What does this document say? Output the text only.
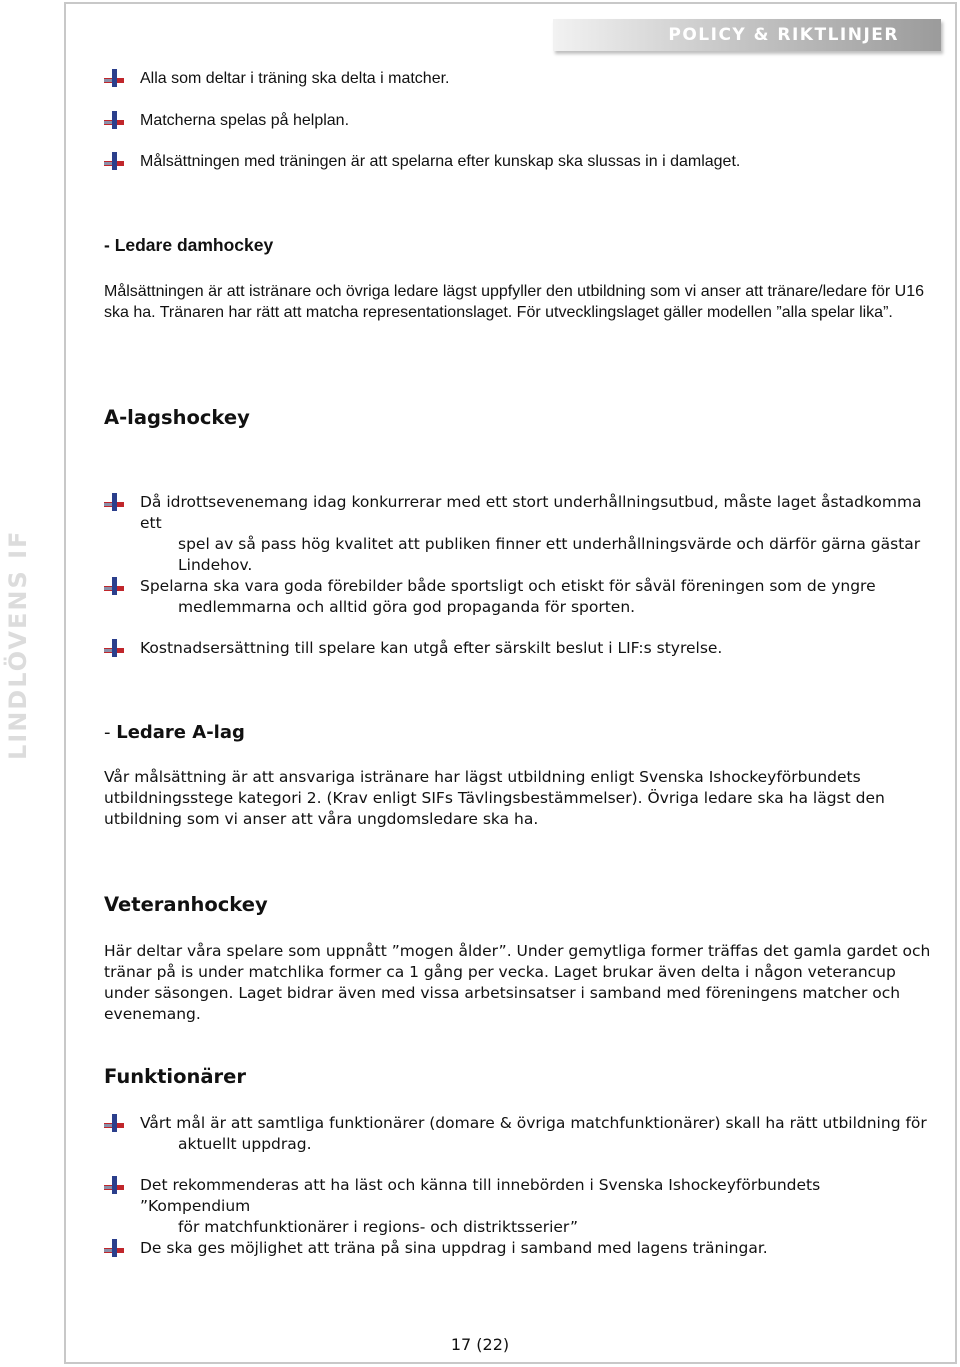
POLICY & RIKTLINJER
LINDLÖVENS IF
Alla som deltar i träning ska delta i matcher.
Matcherna spelas på helplan.
Målsättningen med träningen är att spelarna efter kunskap ska slussas in i damlaget.
- Ledare damhockey
Målsättningen är att istränare och övriga ledare lägst uppfyller den utbildning som vi anser att tränare/ledare för U16 ska ha. Tränaren har rätt att matcha representationslaget. För utvecklingslaget gäller modellen ”alla spelar lika”.
A-lagshockey
Då idrottsevenemang idag konkurrerar med ett stort underhållningsutbud, måste laget åstadkomma ett
spel av så pass hög kvalitet att publiken finner ett underhållningsvärde och därför gärna gästar Lindehov.
Spelarna ska vara goda förebilder både sportsligt och etiskt för såväl föreningen som de yngre
medlemmarna och alltid göra god propaganda för sporten.
Kostnadsersättning till spelare kan utgå efter särskilt beslut i LIF:s styrelse.
- Ledare A-lag
Vår målsättning är att ansvariga istränare har lägst utbildning enligt Svenska Ishockeyförbundets utbildningsstege kategori 2. (Krav enligt SIFs Tävlingsbestämmelser). Övriga ledare ska ha lägst den utbildning som vi anser att våra ungdomsledare ska ha.
Veteranhockey
Här deltar våra spelare som uppnått ”mogen ålder”. Under gemytliga former träffas det gamla gardet och tränar på is under matchlika former ca 1 gång per vecka. Laget brukar även delta i någon veterancup under säsongen. Laget bidrar även med vissa arbetsinsatser i samband med föreningens matcher och evenemang.
Funktionärer
Vårt mål är att samtliga funktionärer (domare & övriga matchfunktionärer) skall ha rätt utbildning för
aktuellt uppdrag.
Det rekommenderas att ha läst och känna till innebörden i Svenska Ishockeyförbundets ”Kompendium
för matchfunktionärer i regions- och distriktsserier”
De ska ges möjlighet att träna på sina uppdrag i samband med lagens träningar.
17 (22)
